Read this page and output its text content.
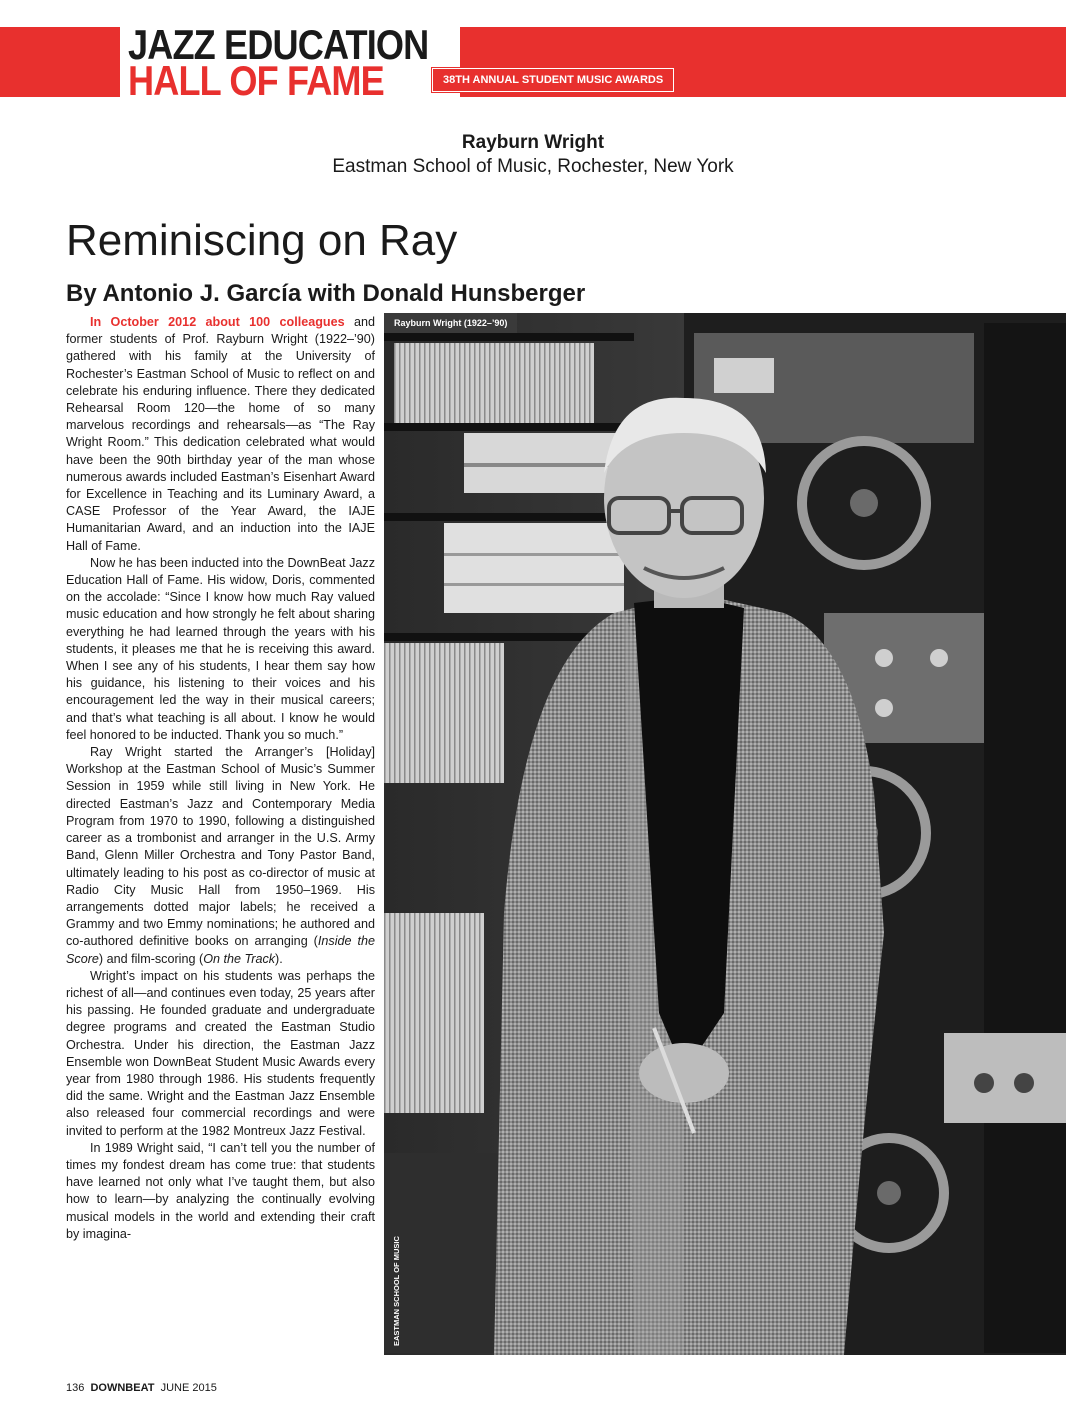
JAZZ EDUCATION
HALL OF FAME	38TH ANNUAL STUDENT MUSIC AWARDS
Rayburn Wright
Eastman School of Music, Rochester, New York
Reminiscing on Ray
By Antonio J. García with Donald Hunsberger

In October 2012 about 100 colleagues and former students of Prof. Rayburn Wright (1922–’90) gathered with his family at the University of Rochester’s Eastman School of Music to reflect on and celebrate his enduring influence. There they dedicated Rehearsal Room 120—the home of so many marvelous recordings and rehearsals—as “The Ray Wright Room.” This dedication celebrated what would have been the 90th birthday year of the man whose numerous awards included Eastman’s Eisenhart Award for Excellence in Teaching and its Luminary Award, a CASE Professor of the Year Award, the IAJE Humanitarian Award, and an induction into the IAJE Hall of Fame.

Now he has been inducted into the DownBeat Jazz Education Hall of Fame. His widow, Doris, commented on the accolade: “Since I know how much Ray valued music education and how strongly he felt about sharing everything he had learned through the years with his students, it pleases me that he is receiving this award. When I see any of his students, I hear them say how his guidance, his listening to their voices and his encouragement led the way in their musical careers; and that’s what teaching is all about. I know he would feel honored to be inducted. Thank you so much.”

Ray Wright started the Arranger’s [Holiday] Workshop at the Eastman School of Music’s Summer Session in 1959 while still living in New York. He directed Eastman’s Jazz and Contemporary Media Program from 1970 to 1990, following a distinguished career as a trombonist and arranger in the U.S. Army Band, Glenn Miller Orchestra and Tony Pastor Band, ultimately leading to his post as co-director of music at Radio City Music Hall from 1950–1969. His arrangements dotted major labels; he received a Grammy and two Emmy nominations; he authored and co-authored definitive books on arranging (Inside the Score) and film-scoring (On the Track).

Wright’s impact on his students was perhaps the richest of all—and continues even today, 25 years after his passing. He founded graduate and undergraduate degree programs and created the Eastman Studio Orchestra. Under his direction, the Eastman Jazz Ensemble won DownBeat Student Music Awards every year from 1980 through 1986. His students frequently did the same. Wright and the Eastman Jazz Ensemble also released four commercial recordings and were invited to perform at the 1982 Montreux Jazz Festival.

In 1989 Wright said, “I can’t tell you the number of times my fondest dream has come true: that students have learned not only what I’ve taught them, but also how to learn—by analyzing the continually evolving musical models in the world and extending their craft by imagina-

Rayburn Wright (1922–’90)
EASTMAN SCHOOL OF MUSIC
136 DOWNBEAT JUNE 2015
